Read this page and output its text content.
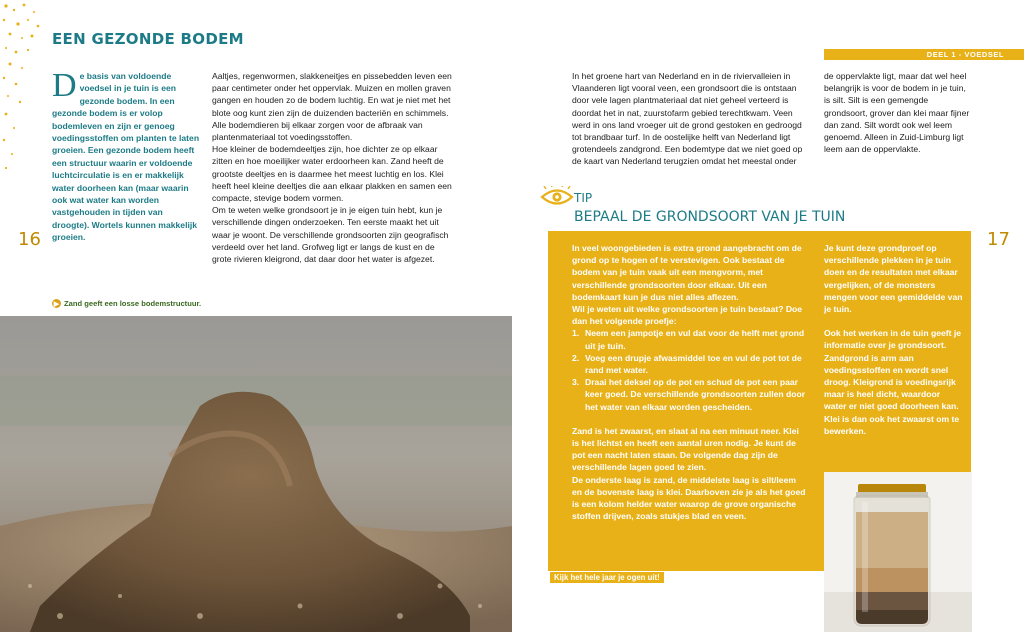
EEN GEZONDE BODEM
De basis van voldoende voedsel in je tuin is een gezonde bodem. In een gezonde bodem is er volop bodemleven en zijn er genoeg voedingsstoffen om planten te laten groeien. Een gezonde bodem heeft een structuur waarin er voldoende luchtcirculatie is en er makkelijk water doorheen kan (maar waarin ook wat water kan worden vastgehouden in tijden van droogte). Wortels kunnen makkelijk groeien.

Aaltjes, regenwormen, slakkeneitjes en pissebedden leven een paar centimeter onder het oppervlak. Muizen en mollen graven gangen en houden zo de bodem luchtig. En wat je niet met het blote oog kunt zien zijn de duizenden bacteriën en schimmels. Alle bodemdieren bij elkaar zorgen voor de afbraak van plantenmateriaal tot voedingsstoffen.

Hoe kleiner de bodemdeeltjes zijn, hoe dichter ze op elkaar zitten en hoe moeilijker water erdoorheen kan. Zand heeft de grootste deeltjes en is daarmee het meest luchtig en los. Klei heeft heel kleine deeltjes die aan elkaar plakken en samen een compacte, stevige bodem vormen.

Om te weten welke grondsoort je in je eigen tuin hebt, kun je verschillende dingen onderzoeken. Ten eerste maakt het uit waar je woont. De verschillende grondsoorten zijn geografisch verdeeld over het land. Grofweg ligt er langs de kust en de grote rivieren kleigrond, dat daar door het water is afgezet.

16
▶ Zand geeft een losse bodemstructuur.
DEEL 1 - VOEDSEL

In het groene hart van Nederland en in de riviervalleien in Vlaanderen ligt vooral veen, een grondsoort die is ontstaan door vele lagen plantmateriaal dat niet geheel verteerd is doordat het in nat, zuurstofarm gebied terechtkwam. Veen werd in ons land vroeger uit de grond gestoken en gedroogd tot brandbaar turf. In de oostelijke helft van Nederland ligt grotendeels zandgrond. Een bodemtype dat we niet goed op de kaart van Nederland terugzien omdat het meestal onder

de oppervlakte ligt, maar dat wel heel belangrijk is voor de bodem in je tuin, is silt. Silt is een gemengde grondsoort, grover dan klei maar fijner dan zand. Silt wordt ook wel leem genoemd. Alleen in Zuid-Limburg ligt leem aan de oppervlakte.

17
TIP
BEPAAL DE GRONDSOORT VAN JE TUIN

In veel woongebieden is extra grond aangebracht om de grond op te hogen of te verstevigen. Ook bestaat de bodem van je tuin vaak uit een mengvorm, met verschillende grondsoorten door elkaar. Uit een bodemkaart kun je dus niet alles aflezen.

Wil je weten uit welke grondsoorten je tuin bestaat? Doe dan het volgende proefje:

1. Neem een jampotje en vul dat voor de helft met grond uit je tuin.
2. Voeg een drupje afwasmiddel toe en vul de pot tot de rand met water.
3. Draai het deksel op de pot en schud de pot een paar keer goed. De verschillende grondsoorten zullen door het water van elkaar worden gescheiden.

Zand is het zwaarst, en slaat al na een minuut neer. Klei is het lichtst en heeft een aantal uren nodig. Je kunt de pot een nacht laten staan. De volgende dag zijn de verschillende lagen goed te zien.

De onderste laag is zand, de middelste laag is silt/leem en de bovenste laag is klei. Daarboven zie je als het goed is een kolom helder water waarop de grove organische stoffen drijven, zoals stukjes blad en veen.

Je kunt deze grondproef op verschillende plekken in je tuin doen en de resultaten met elkaar vergelijken, of de monsters mengen voor een gemiddelde van je tuin.

Ook het werken in de tuin geeft je informatie over je grondsoort. Zandgrond is arm aan voedingsstoffen en wordt snel droog. Kleigrond is voedingsrijk maar is heel dicht, waardoor water er niet goed doorheen kan. Klei is dan ook het zwaarst om te bewerken.

Kijk het hele jaar je ogen uit!
